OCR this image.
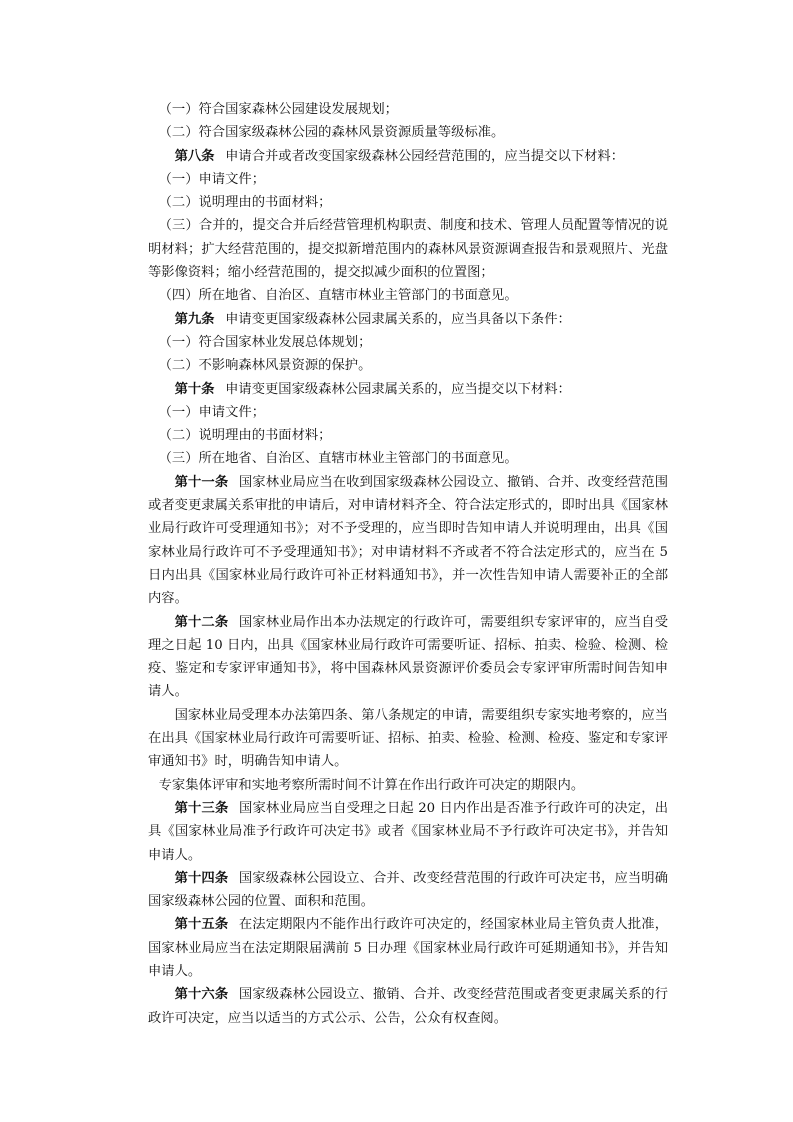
（一）符合国家森林公园建设发展规划；
（二）符合国家级森林公园的森林风景资源质量等级标准。
第八条 申请合并或者改变国家级森林公园经营范围的，应当提交以下材料：
（一）申请文件；
（二）说明理由的书面材料；
（三）合并的，提交合并后经营管理机构职责、制度和技术、管理人员配置等情况的说明材料；扩大经营范围的，提交拟新增范围内的森林风景资源调查报告和景观照片、光盘等影像资料；缩小经营范围的，提交拟减少面积的位置图；
（四）所在地省、自治区、直辖市林业主管部门的书面意见。
第九条 申请变更国家级森林公园隶属关系的，应当具备以下条件：
（一）符合国家林业发展总体规划；
（二）不影响森林风景资源的保护。
第十条 申请变更国家级森林公园隶属关系的，应当提交以下材料：
（一）申请文件；
（二）说明理由的书面材料；
（三）所在地省、自治区、直辖市林业主管部门的书面意见。
第十一条 国家林业局应当在收到国家级森林公园设立、撤销、合并、改变经营范围或者变更隶属关系审批的申请后，对申请材料齐全、符合法定形式的，即时出具《国家林业局行政许可受理通知书》；对不予受理的，应当即时告知申请人并说明理由，出具《国家林业局行政许可不予受理通知书》；对申请材料不齐或者不符合法定形式的，应当在 5 日内出具《国家林业局行政许可补正材料通知书》，并一次性告知申请人需要补正的全部内容。
第十二条 国家林业局作出本办法规定的行政许可，需要组织专家评审的，应当自受理之日起 10 日内，出具《国家林业局行政许可需要听证、招标、拍卖、检验、检测、检疫、鉴定和专家评审通知书》，将中国森林风景资源评价委员会专家评审所需时间告知申请人。
国家林业局受理本办法第四条、第八条规定的申请，需要组织专家实地考察的，应当在出具《国家林业局行政许可需要听证、招标、拍卖、检验、检测、检疫、鉴定和专家评审通知书》时，明确告知申请人。
专家集体评审和实地考察所需时间不计算在作出行政许可决定的期限内。
第十三条 国家林业局应当自受理之日起 20 日内作出是否准予行政许可的决定，出具《国家林业局准予行政许可决定书》或者《国家林业局不予行政许可决定书》，并告知申请人。
第十四条 国家级森林公园设立、合并、改变经营范围的行政许可决定书，应当明确国家级森林公园的位置、面积和范围。
第十五条 在法定期限内不能作出行政许可决定的，经国家林业局主管负责人批准，国家林业局应当在法定期限届满前 5 日办理《国家林业局行政许可延期通知书》，并告知申请人。
第十六条 国家级森林公园设立、撤销、合并、改变经营范围或者变更隶属关系的行政许可决定，应当以适当的方式公示、公告，公众有权查阅。
